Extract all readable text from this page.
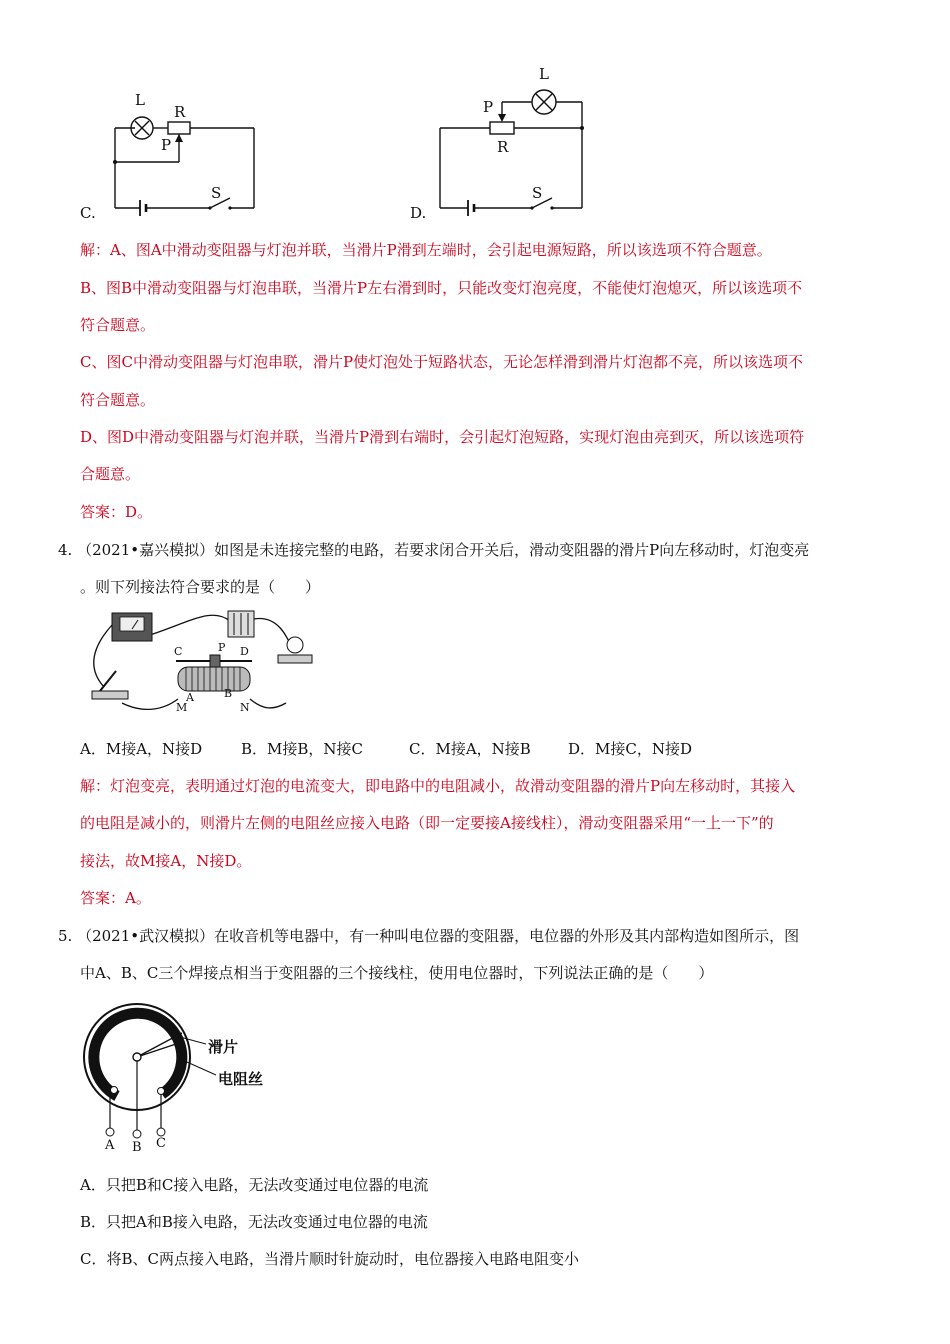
L
R
P
S
C.
L
P
R
S
D.
解：A、图A中滑动变阻器与灯泡并联，当滑片P滑到左端时，会引起电源短路，所以该选项不符合题意。
B、图B中滑动变阻器与灯泡串联，当滑片P左右滑到时，只能改变灯泡亮度，不能使灯泡熄灭，所以该选项不
符合题意。
C、图C中滑动变阻器与灯泡串联，滑片P使灯泡处于短路状态，无论怎样滑到滑片灯泡都不亮，所以该选项不
符合题意。
D、图D中滑动变阻器与灯泡并联，当滑片P滑到右端时，会引起灯泡短路，实现灯泡由亮到灭，所以该选项符
合题意。
答案：D。
4. （2021•嘉兴模拟）如图是未连接完整的电路，若要求闭合开关后，滑动变阻器的滑片P向左移动时，灯泡变亮
。则下列接法符合要求的是（　　）
C	P D
A	B
M	N
A．M接A，N接D	B．M接B，N接C	C．M接A，N接B D．M接C，N接D
解：灯泡变亮，表明通过灯泡的电流变大，即电路中的电阻减小，故滑动变阻器的滑片P向左移动时，其接入
的电阻是减小的，则滑片左侧的电阻丝应接入电路（即一定要接A接线柱），滑动变阻器采用“一上一下”的
接法，故M接A，N接D。
答案：A。
5. （2021•武汉模拟）在收音机等电器中，有一种叫电位器的变阻器，电位器的外形及其内部构造如图所示，图
中A、B、C三个焊接点相当于变阻器的三个接线柱，使用电位器时，下列说法正确的是（　　）
滑片
电阻丝
A B C
A．只把B和C接入电路，无法改变通过电位器的电流
B．只把A和B接入电路，无法改变通过电位器的电流
C．将B、C两点接入电路，当滑片顺时针旋动时，电位器接入电路电阻变小
